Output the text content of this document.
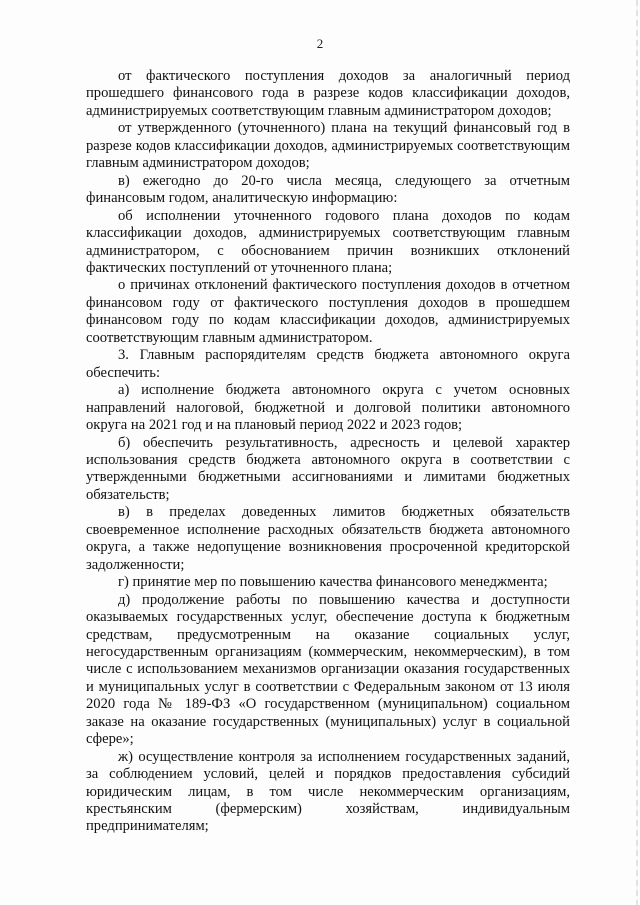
2

от фактического поступления доходов за аналогичный период прошедшего финансового года в разрезе кодов классификации доходов, администрируемых соответствующим главным администратором доходов;

от утвержденного (уточненного) плана на текущий финансовый год в разрезе кодов классификации доходов, администрируемых соответствующим главным администратором доходов;

в) ежегодно до 20-го числа месяца, следующего за отчетным финансовым годом, аналитическую информацию:

об исполнении уточненного годового плана доходов по кодам классификации доходов, администрируемых соответствующим главным администратором, с обоснованием причин возникших отклонений фактических поступлений от уточненного плана;

о причинах отклонений фактического поступления доходов в отчетном финансовом году от фактического поступления доходов в прошедшем финансовом году по кодам классификации доходов, администрируемых соответствующим главным администратором.

3. Главным распорядителям средств бюджета автономного округа обеспечить:

а) исполнение бюджета автономного округа с учетом основных направлений налоговой, бюджетной и долговой политики автономного округа на 2021 год и на плановый период 2022 и 2023 годов;

б) обеспечить результативность, адресность и целевой характер использования средств бюджета автономного округа в соответствии с утвержденными бюджетными ассигнованиями и лимитами бюджетных обязательств;

в) в пределах доведенных лимитов бюджетных обязательств своевременное исполнение расходных обязательств бюджета автономного округа, а также недопущение возникновения просроченной кредиторской задолженности;

г) принятие мер по повышению качества финансового менеджмента;

д) продолжение работы по повышению качества и доступности оказываемых государственных услуг, обеспечение доступа к бюджетным средствам, предусмотренным на оказание социальных услуг, негосударственным организациям (коммерческим, некоммерческим), в том числе с использованием механизмов организации оказания государственных и муниципальных услуг в соответствии с Федеральным законом от 13 июля 2020 года № 189-ФЗ «О государственном (муниципальном) социальном заказе на оказание государственных (муниципальных) услуг в социальной сфере»;

ж) осуществление контроля за исполнением государственных заданий, за соблюдением условий, целей и порядков предоставления субсидий юридическим лицам, в том числе некоммерческим организациям, крестьянским (фермерским) хозяйствам, индивидуальным предпринимателям;
